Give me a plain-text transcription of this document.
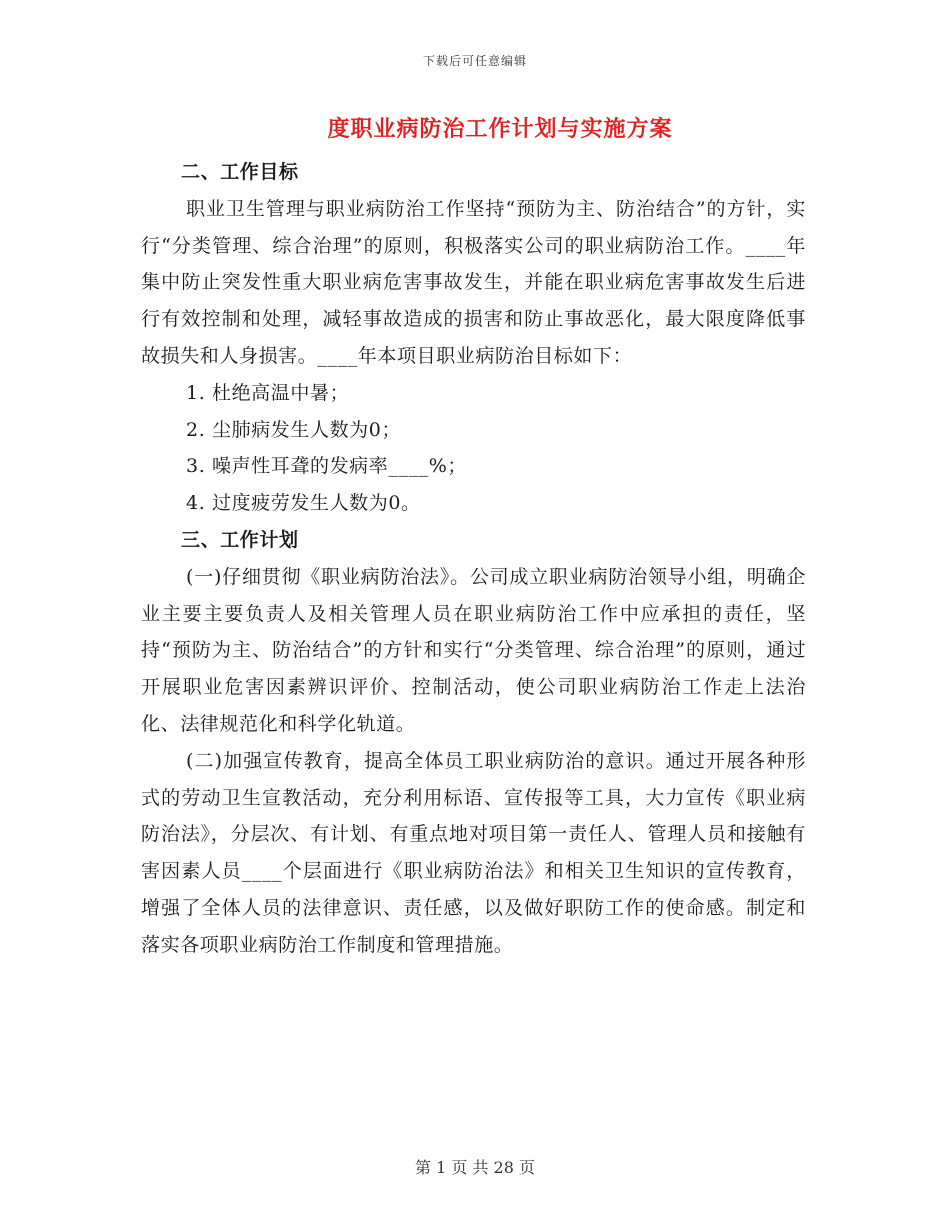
下载后可任意编辑
度职业病防治工作计划与实施方案

二、工作目标

职业卫生管理与职业病防治工作坚持“预防为主、防治结合”的方针，实行“分类管理、综合治理”的原则，积极落实公司的职业病防治工作。____年集中防止突发性重大职业病危害事故发生，并能在职业病危害事故发生后进行有效控制和处理，减轻事故造成的损害和防止事故恶化，最大限度降低事故损失和人身损害。____年本项目职业病防治目标如下：

1. 杜绝高温中暑；

2. 尘肺病发生人数为0；

3. 噪声性耳聋的发病率____%；

4. 过度疲劳发生人数为0。

三、工作计划

(一)仔细贯彻《职业病防治法》。公司成立职业病防治领导小组，明确企业主要主要负责人及相关管理人员在职业病防治工作中应承担的责任，坚持“预防为主、防治结合”的方针和实行“分类管理、综合治理”的原则，通过开展职业危害因素辨识评价、控制活动，使公司职业病防治工作走上法治化、法律规范化和科学化轨道。

(二)加强宣传教育，提高全体员工职业病防治的意识。通过开展各种形式的劳动卫生宣教活动，充分利用标语、宣传报等工具，大力宣传《职业病防治法》，分层次、有计划、有重点地对项目第一责任人、管理人员和接触有害因素人员____个层面进行《职业病防治法》和相关卫生知识的宣传教育，增强了全体人员的法律意识、责任感，以及做好职防工作的使命感。制定和落实各项职业病防治工作制度和管理措施。

第 1 页 共 28 页
